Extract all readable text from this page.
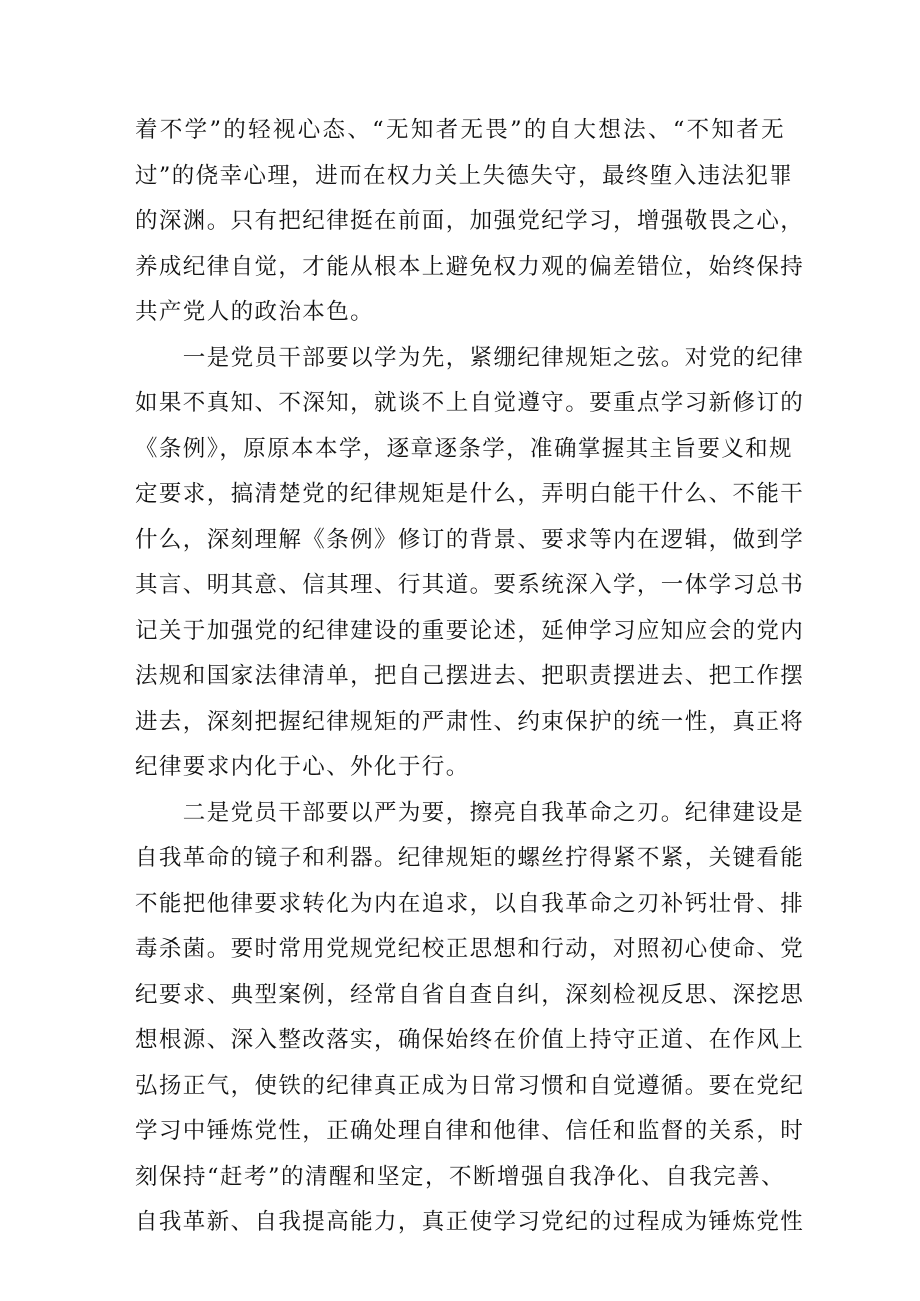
着不学”的轻视心态、“无知者无畏”的自大想法、“不知者无
过”的侥幸心理，进而在权力关上失德失守，最终堕入违法犯罪
的深渊。只有把纪律挺在前面，加强党纪学习，增强敬畏之心，
养成纪律自觉，才能从根本上避免权力观的偏差错位，始终保持
共产党人的政治本色。
　　一是党员干部要以学为先，紧绷纪律规矩之弦。对党的纪律
如果不真知、不深知，就谈不上自觉遵守。要重点学习新修订的
《条例》，原原本本学，逐章逐条学，准确掌握其主旨要义和规
定要求，搞清楚党的纪律规矩是什么，弄明白能干什么、不能干
什么，深刻理解《条例》修订的背景、要求等内在逻辑，做到学
其言、明其意、信其理、行其道。要系统深入学，一体学习总书
记关于加强党的纪律建设的重要论述，延伸学习应知应会的党内
法规和国家法律清单，把自己摆进去、把职责摆进去、把工作摆
进去，深刻把握纪律规矩的严肃性、约束保护的统一性，真正将
纪律要求内化于心、外化于行。
　　二是党员干部要以严为要，擦亮自我革命之刃。纪律建设是
自我革命的镜子和利器。纪律规矩的螺丝拧得紧不紧，关键看能
不能把他律要求转化为内在追求，以自我革命之刃补钙壮骨、排
毒杀菌。要时常用党规党纪校正思想和行动，对照初心使命、党
纪要求、典型案例，经常自省自查自纠，深刻检视反思、深挖思
想根源、深入整改落实，确保始终在价值上持守正道、在作风上
弘扬正气，使铁的纪律真正成为日常习惯和自觉遵循。要在党纪
学习中锤炼党性，正确处理自律和他律、信任和监督的关系，时
刻保持“赶考”的清醒和坚定，不断增强自我净化、自我完善、
自我革新、自我提高能力，真正使学习党纪的过程成为锤炼党性
